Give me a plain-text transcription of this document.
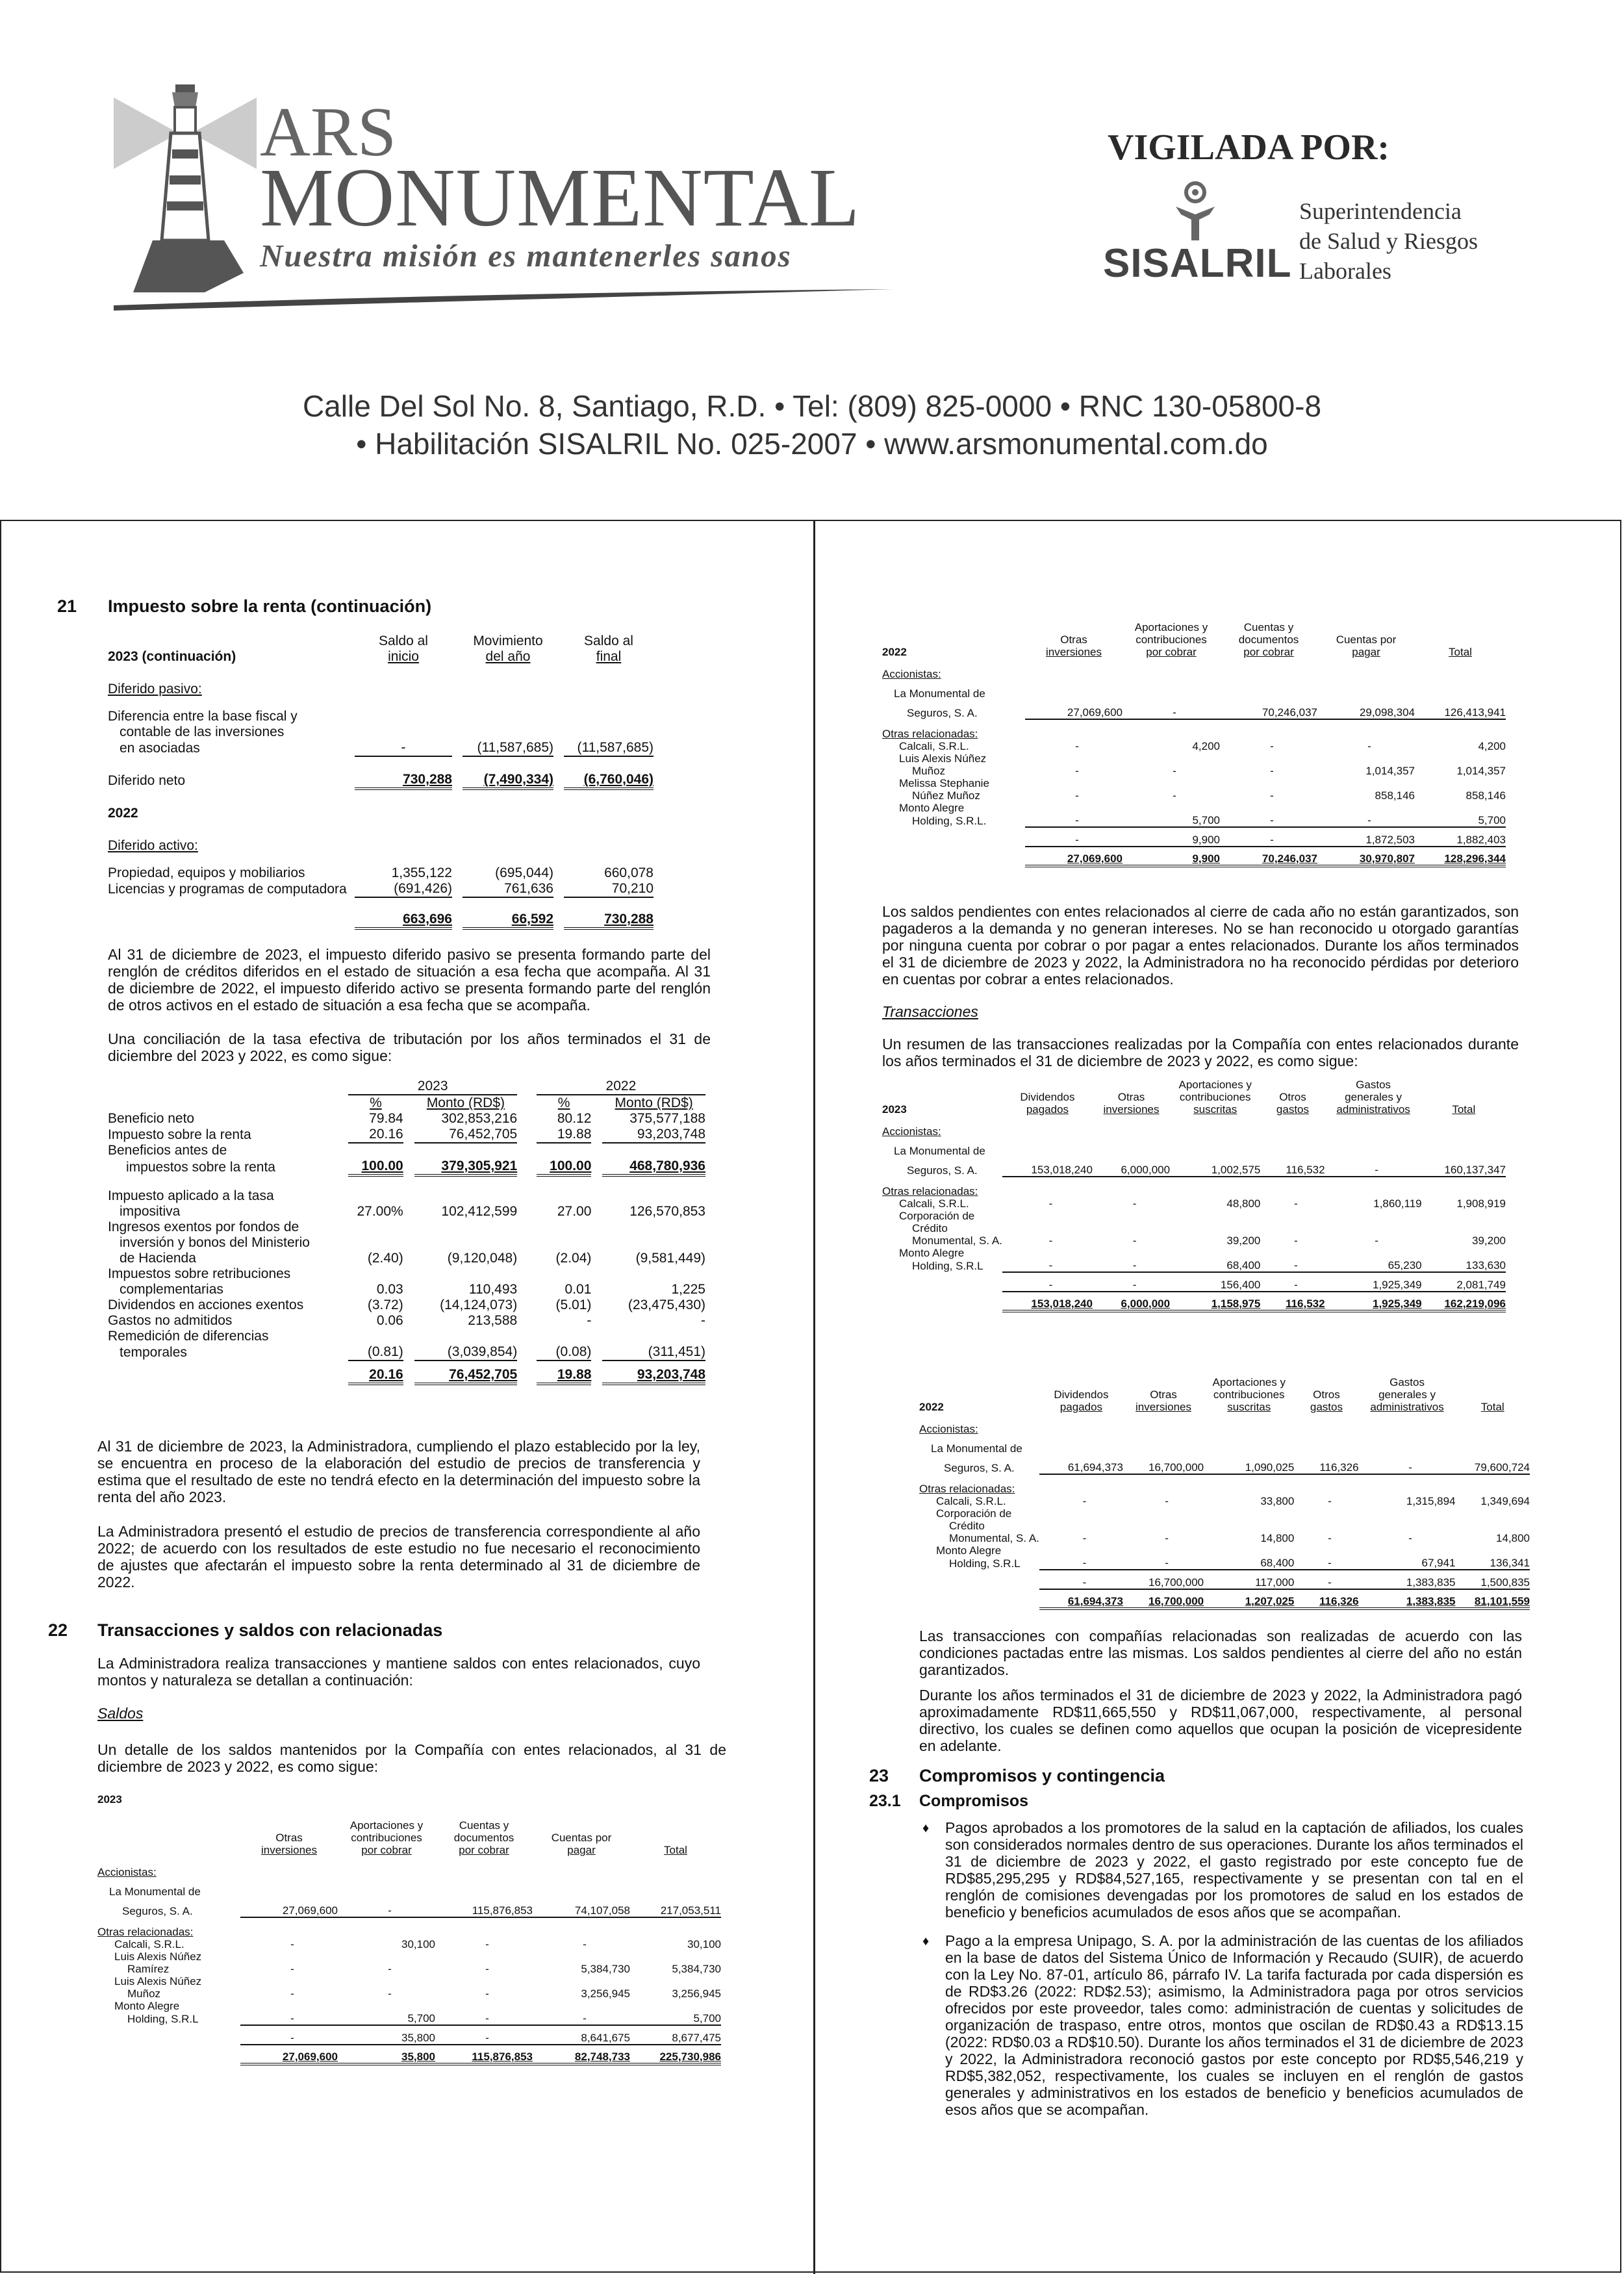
ARS
MONUMENTAL
Nuestra misión es mantenerles sanos
VIGILADA POR:
SISALRIL
Superintendencia
de Salud y Riesgos
Laborales
Calle Del Sol No. 8, Santiago, R.D. • Tel: (809) 825-0000 • RNC 130-05800-8
• Habilitación SISALRIL No. 025-2007 • www.arsmonumental.com.do
21 Impuesto sobre la renta (continuación)
	Saldo al		Movimiento		Saldo al
2023 (continuación)	inicio		del año		final
Diferido pasivo:					
Diferencia entre la base fiscal y					
contable de las inversiones					
en asociadas	-		(11,587,685)		(11,587,685)
Diferido neto	730,288		(7,490,334)		(6,760,046)
2022					
Diferido activo:					
Propiedad, equipos y mobiliarios	1,355,122		(695,044)		660,078
Licencias y programas de computadora	(691,426)		761,636		70,210
	663,696		66,592		730,288
Al 31 de diciembre de 2023, el impuesto diferido pasivo se presenta formando parte del renglón de créditos diferidos en el estado de situación a esa fecha que acompaña. Al 31 de diciembre de 2022, el impuesto diferido activo se presenta formando parte del renglón de otros activos en el estado de situación a esa fecha que se acompaña.
Una conciliación de la tasa efectiva de tributación por los años terminados el 31 de diciembre del 2023 y 2022, es como sigue:
	2023				2022		
	%		Monto (RD$)		%		Monto (RD$)
Beneficio neto	79.84		302,853,216		80.12		375,577,188
Impuesto sobre la renta	20.16		76,452,705		19.88		93,203,748
Beneficios antes de							
impuestos sobre la renta	100.00		379,305,921		100.00		468,780,936
Impuesto aplicado a la tasa							
impositiva	27.00%		102,412,599		27.00		126,570,853
Ingresos exentos por fondos de							
inversión y bonos del Ministerio							
de Hacienda	(2.40)		(9,120,048)		(2.04)		(9,581,449)
Impuestos sobre retribuciones							
complementarias	0.03		110,493		0.01		1,225
Dividendos en acciones exentos	(3.72)		(14,124,073)		(5.01)		(23,475,430)
Gastos no admitidos	0.06		213,588		-		-
Remedición de diferencias							
temporales	(0.81)		(3,039,854)		(0.08)		(311,451)
	20.16		76,452,705		19.88		93,203,748
Al 31 de diciembre de 2023, la Administradora, cumpliendo el plazo establecido por la ley, se encuentra en proceso de la elaboración del estudio de precios de transferencia y estima que el resultado de este no tendrá efecto en la determinación del impuesto sobre la renta del año 2023.
La Administradora presentó el estudio de precios de transferencia correspondiente al año 2022; de acuerdo con los resultados de este estudio no fue necesario el reconocimiento de ajustes que afectarán el impuesto sobre la renta determinado al 31 de diciembre de 2022.
22 Transacciones y saldos con relacionadas
La Administradora realiza transacciones y mantiene saldos con entes relacionados, cuyo montos y naturaleza se detallan a continuación:
Saldos
Un detalle de los saldos mantenidos por la Compañía con entes relacionados, al 31 de diciembre de 2023 y 2022, es como sigue:
2023
		Aportaciones y	Cuentas y		
	Otras	contribuciones	documentos	Cuentas por	
	inversiones	por cobrar	por cobrar	pagar	Total
Accionistas:					
La Monumental de					
Seguros, S. A.	27,069,600	-	115,876,853	74,107,058	217,053,511
Otras relacionadas:					
Calcali, S.R.L.	-	30,100	-	-	30,100
Luis Alexis Núñez					
Ramírez	-	-	-	5,384,730	5,384,730
Luis Alexis Núñez					
Muñoz	-	-	-	3,256,945	3,256,945
Monto Alegre					
Holding, S.R.L	-	5,700	-	-	5,700
	-	35,800	-	8,641,675	8,677,475
	27,069,600	35,800	115,876,853	82,748,733	225,730,986
		Aportaciones y	Cuentas y		
	Otras	contribuciones	documentos	Cuentas por	
2022	inversiones	por cobrar	por cobrar	pagar	Total
Accionistas:					
La Monumental de					
Seguros, S. A.	27,069,600	-	70,246,037	29,098,304	126,413,941
Otras relacionadas:					
Calcali, S.R.L.	-	4,200	-	-	4,200
Luis Alexis Núñez					
Muñoz	-	-	-	1,014,357	1,014,357
Melissa Stephanie					
Núñez Muñoz	-	-	-	858,146	858,146
Monto Alegre					
Holding, S.R.L.	-	5,700	-	-	5,700
	-	9,900	-	1,872,503	1,882,403
	27,069,600	9,900	70,246,037	30,970,807	128,296,344
Los saldos pendientes con entes relacionados al cierre de cada año no están garantizados, son pagaderos a la demanda y no generan intereses. No se han reconocido u otorgado garantías por ninguna cuenta por cobrar o por pagar a entes relacionados. Durante los años terminados el 31 de diciembre de 2023 y 2022, la Administradora no ha reconocido pérdidas por deterioro en cuentas por cobrar a entes relacionados.
Transacciones
Un resumen de las transacciones realizadas por la Compañía con entes relacionados durante los años terminados el 31 de diciembre de 2023 y 2022, es como sigue:
			Aportaciones y		Gastos	
	Dividendos	Otras	contribuciones	Otros	generales y	
2023	pagados	inversiones	suscritas	gastos	administrativos	Total
Accionistas:						
La Monumental de						
Seguros, S. A.	153,018,240	6,000,000	1,002,575	116,532	-	160,137,347
Otras relacionadas:						
Calcali, S.R.L.	-	-	48,800	-	1,860,119	1,908,919
Corporación de						
Crédito						
Monumental, S. A.	-	-	39,200	-	-	39,200
Monto Alegre						
Holding, S.R.L	-	-	68,400	-	65,230	133,630
	-	-	156,400	-	1,925,349	2,081,749
	153,018,240	6,000,000	1,158,975	116,532	1,925,349	162,219,096
			Aportaciones y		Gastos	
	Dividendos	Otras	contribuciones	Otros	generales y	
2022	pagados	inversiones	suscritas	gastos	administrativos	Total
Accionistas:						
La Monumental de						
Seguros, S. A.	61,694,373	16,700,000	1,090,025	116,326	-	79,600,724
Otras relacionadas:						
Calcali, S.R.L.	-	-	33,800	-	1,315,894	1,349,694
Corporación de						
Crédito						
Monumental, S. A.	-	-	14,800	-	-	14,800
Monto Alegre						
Holding, S.R.L	-	-	68,400	-	67,941	136,341
	-	16,700,000	117,000	-	1,383,835	1,500,835
	61,694,373	16,700,000	1,207,025	116,326	1,383,835	81,101,559
Las transacciones con compañías relacionadas son realizadas de acuerdo con las condiciones pactadas entre las mismas. Los saldos pendientes al cierre del año no están garantizados.
Durante los años terminados el 31 de diciembre de 2023 y 2022, la Administradora pagó aproximadamente RD$11,665,550 y RD$11,067,000, respectivamente, al personal directivo, los cuales se definen como aquellos que ocupan la posición de vicepresidente en adelante.
23 Compromisos y contingencia
23.1 Compromisos
♦ Pagos aprobados a los promotores de la salud en la captación de afiliados, los cuales son considerados normales dentro de sus operaciones. Durante los años terminados el 31 de diciembre de 2023 y 2022, el gasto registrado por este concepto fue de RD$85,295,295 y RD$84,527,165, respectivamente y se presentan con tal en el renglón de comisiones devengadas por los promotores de salud en los estados de beneficio y beneficios acumulados de esos años que se acompañan.
♦ Pago a la empresa Unipago, S. A. por la administración de las cuentas de los afiliados en la base de datos del Sistema Único de Información y Recaudo (SUIR), de acuerdo con la Ley No. 87-01, artículo 86, párrafo IV. La tarifa facturada por cada dispersión es de RD$3.26 (2022: RD$2.53); asimismo, la Administradora paga por otros servicios ofrecidos por este proveedor, tales como: administración de cuentas y solicitudes de organización de traspaso, entre otros, montos que oscilan de RD$0.43 a RD$13.15 (2022: RD$0.03 a RD$10.50). Durante los años terminados el 31 de diciembre de 2023 y 2022, la Administradora reconoció gastos por este concepto por RD$5,546,219 y RD$5,382,052, respectivamente, los cuales se incluyen en el renglón de gastos generales y administrativos en los estados de beneficio y beneficios acumulados de esos años que se acompañan.
